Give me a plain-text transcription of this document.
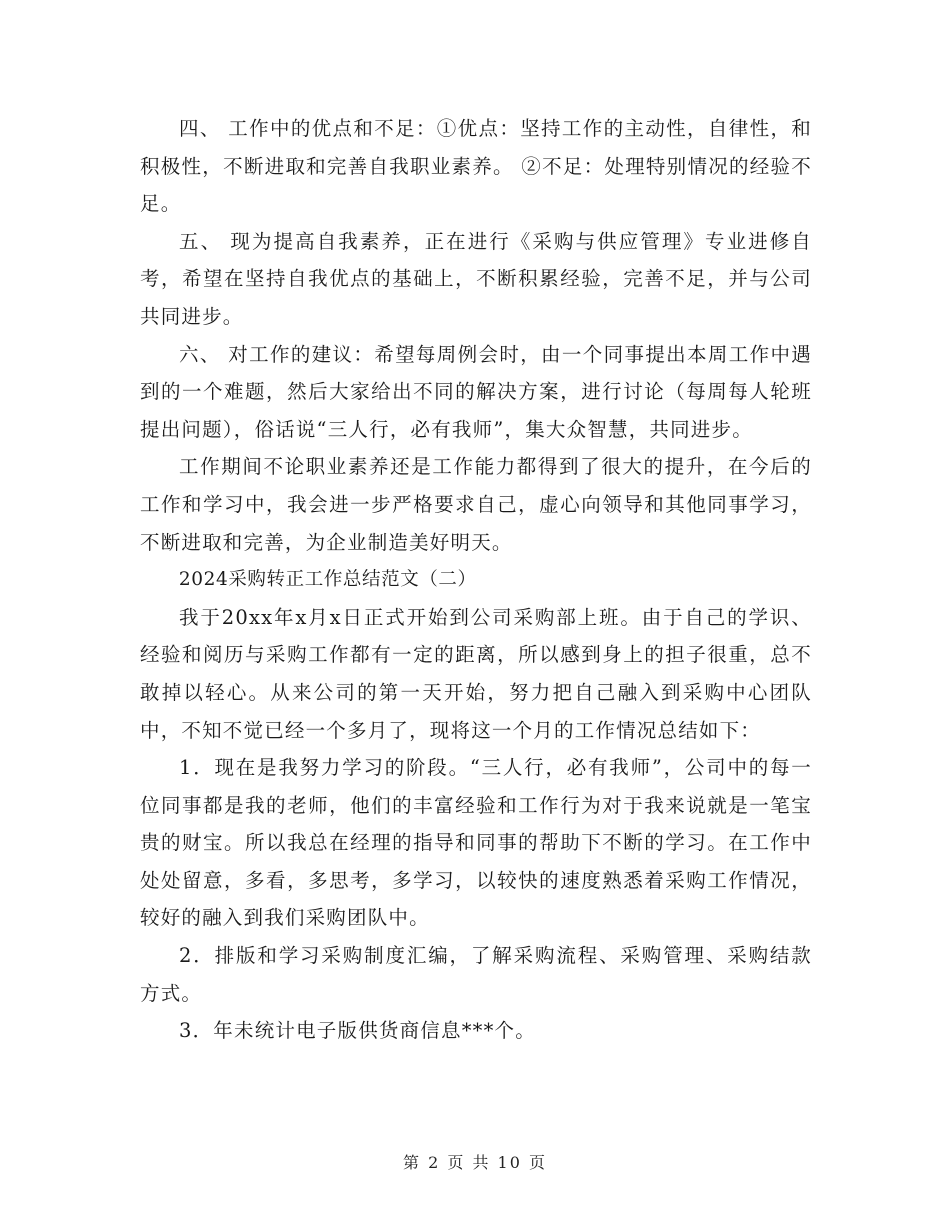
四、 工作中的优点和不足：①优点：坚持工作的主动性，自律性，和积极性，不断进取和完善自我职业素养。 ②不足：处理特别情况的经验不足。

五、 现为提高自我素养，正在进行《采购与供应管理》专业进修自考，希望在坚持自我优点的基础上，不断积累经验，完善不足，并与公司共同进步。

六、 对工作的建议：希望每周例会时，由一个同事提出本周工作中遇到的一个难题，然后大家给出不同的解决方案，进行讨论（每周每人轮班提出问题），俗话说“三人行，必有我师”，集大众智慧，共同进步。

工作期间不论职业素养还是工作能力都得到了很大的提升，在今后的工作和学习中，我会进一步严格要求自己，虚心向领导和其他同事学习，不断进取和完善，为企业制造美好明天。

2024采购转正工作总结范文（二）

我于20xx年x月x日正式开始到公司采购部上班。由于自己的学识、经验和阅历与采购工作都有一定的距离，所以感到身上的担子很重，总不敢掉以轻心。从来公司的第一天开始，努力把自己融入到采购中心团队中，不知不觉已经一个多月了，现将这一个月的工作情况总结如下：

1．现在是我努力学习的阶段。“三人行，必有我师”，公司中的每一位同事都是我的老师，他们的丰富经验和工作行为对于我来说就是一笔宝贵的财宝。所以我总在经理的指导和同事的帮助下不断的学习。在工作中处处留意，多看，多思考，多学习，以较快的速度熟悉着采购工作情况，较好的融入到我们采购团队中。

2．排版和学习采购制度汇编，了解采购流程、采购管理、采购结款方式。

3．年未统计电子版供货商信息***个。

第 2 页 共 10 页
